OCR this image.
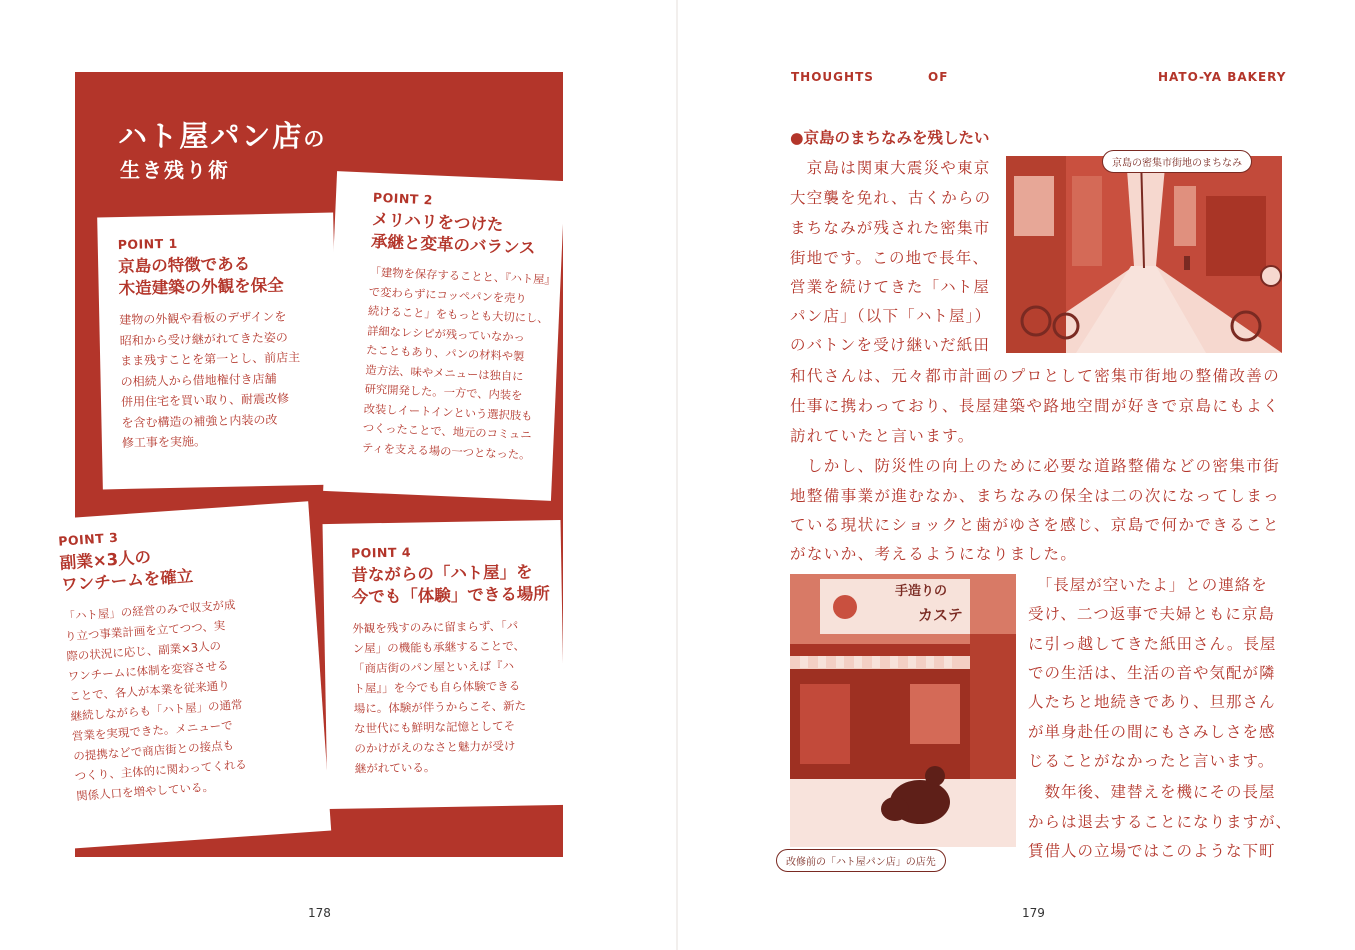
ハト屋パン店の
生き残り術
POINT 1
京島の特徴である
木造建築の外観を保全
建物の外観や看板のデザインを
昭和から受け継がれてきた姿の
まま残すことを第一とし、前店主
の相続人から借地権付き店舗
併用住宅を買い取り、耐震改修
を含む構造の補強と内装の改
修工事を実施。
POINT 2
メリハリをつけた
承継と変革のバランス
「建物を保存することと、『ハト屋』
で変わらずにコッペパンを売り
続けること」をもっとも大切にし、
詳細なレシピが残っていなかっ
たこともあり、パンの材料や製
造方法、味やメニューは独自に
研究開発した。一方で、内装を
改装しイートインという選択肢も
つくったことで、地元のコミュニ
ティを支える場の一つとなった。
POINT 3
副業×3人の
ワンチームを確立
「ハト屋」の経営のみで収支が成
り立つ事業計画を立てつつ、実
際の状況に応じ、副業×3人の
ワンチームに体制を変容させる
ことで、各人が本業を従来通り
継続しながらも「ハト屋」の通常
営業を実現できた。メニューで
の提携などで商店街との接点も
つくり、主体的に関わってくれる
関係人口を増やしている。
POINT 4
昔ながらの「ハト屋」を
今でも「体験」できる場所
外観を残すのみに留まらず、「パ
ン屋」の機能も承継することで、
「商店街のパン屋といえば『ハ
ト屋』」を今でも自ら体験できる
場に。体験が伴うからこそ、新た
な世代にも鮮明な記憶としてそ
のかけがえのなさと魅力が受け
継がれている。
178
THOUGHTS	OF	HATO-YA BAKERY
●京島のまちなみを残したい
京島の密集市街地のまちなみ
　京島は関東大震災や東京
大空襲を免れ、古くからの
まちなみが残された密集市
街地です。この地で長年、
営業を続けてきた「ハト屋
パン店」（以下「ハト屋」）
のバトンを受け継いだ紙田
和代さんは、元々都市計画のプロとして密集市街地の整備改善の
仕事に携わっており、長屋建築や路地空間が好きで京島にもよく
訪れていたと言います。
　しかし、防災性の向上のために必要な道路整備などの密集市街
地整備事業が進むなか、まちなみの保全は二の次になってしまっ
ている現状にショックと歯がゆさを感じ、京島で何かできること
がないか、考えるようになりました。
手造りの
カステ
改修前の「ハト屋パン店」の店先
　「長屋が空いたよ」との連絡を
受け、二つ返事で夫婦ともに京島
に引っ越してきた紙田さん。長屋
での生活は、生活の音や気配が隣
人たちと地続きであり、旦那さん
が単身赴任の間にもさみしさを感
じることがなかったと言います。
　数年後、建替えを機にその長屋
からは退去することになりますが、
賃借人の立場ではこのような下町
179
